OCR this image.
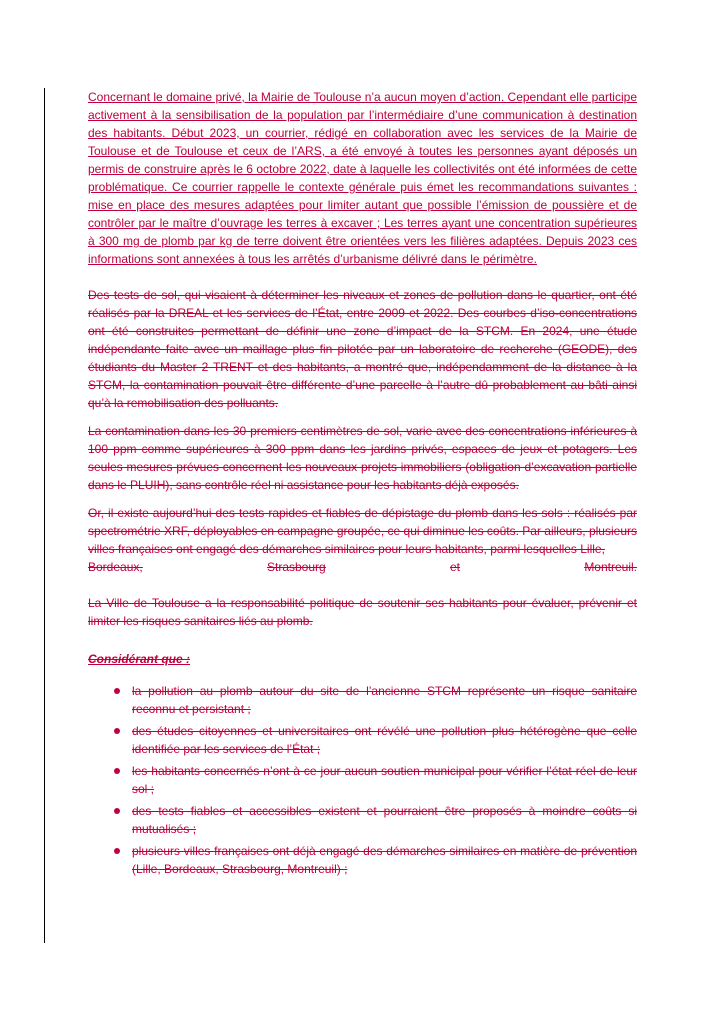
Concernant le domaine privé, la Mairie de Toulouse n’a aucun moyen d’action. Cependant elle participe activement à la sensibilisation de la population par l’intermédiaire d’une communication à destination des habitants. Début 2023, un courrier, rédigé en collaboration avec les services de la Mairie de Toulouse et de Toulouse et ceux de l’ARS, a été envoyé à toutes les personnes ayant déposés un permis de construire après le 6 octobre 2022, date à laquelle les collectivités ont été informées de cette problématique. Ce courrier rappelle le contexte générale puis émet les recommandations suivantes : mise en place des mesures adaptées pour limiter autant que possible l’émission de poussière et de contrôler par le maître d’ouvrage les terres à excaver ; Les terres ayant une concentration supérieures à 300 mg de plomb par kg de terre doivent être orientées vers les filières adaptées. Depuis 2023 ces informations sont annexées à tous les arrêtés d’urbanisme délivré dans le périmètre.

Des tests de sol, qui visaient à déterminer les niveaux et zones de pollution dans le quartier, ont été réalisés par la DREAL et les services de l’État, entre 2009 et 2022. Des courbes d’iso-concentrations ont été construites permettant de définir une zone d’impact de la STCM. En 2024, une étude indépendante faite avec un maillage plus fin pilotée par un laboratoire de recherche (GEODE), des étudiants du Master 2 TRENT et des habitants, a montré que, indépendamment de la distance à la STCM, la contamination pouvait être différente d’une parcelle à l’autre dû probablement au bâti ainsi qu’à la remobilisation des polluants.

La contamination dans les 30 premiers centimètres de sol, varie avec des concentrations inférieures à 100 ppm comme supérieures à 300 ppm dans les jardins privés, espaces de jeux et potagers. Les seules mesures prévues concernent les nouveaux projets immobiliers (obligation d’excavation partielle dans le PLUIH), sans contrôle réel ni assistance pour les habitants déjà exposés.

Or, il existe aujourd’hui des tests rapides et fiables de dépistage du plomb dans les sols : réalisés par spectrométrie XRF, déployables en campagne groupée, ce qui diminue les coûts. Par ailleurs, plusieurs villes françaises ont engagé des démarches similaires pour leurs habitants, parmi lesquelles Lille,
Bordeaux,	Strasbourg	et	Montreuil.

La Ville de Toulouse a la responsabilité politique de soutenir ses habitants pour évaluer, prévenir et limiter les risques sanitaires liés au plomb.

Considérant que :
la pollution au plomb autour du site de l’ancienne STCM représente un risque sanitaire reconnu et persistant ;
des études citoyennes et universitaires ont révélé une pollution plus hétérogène que celle identifiée par les services de l’État ;
les habitants concernés n’ont à ce jour aucun soutien municipal pour vérifier l’état réel de leur sol ;
des tests fiables et accessibles existent et pourraient être proposés à moindre coûts si mutualisés ;
plusieurs villes françaises ont déjà engagé des démarches similaires en matière de prévention (Lille, Bordeaux, Strasbourg, Montreuil) ;
